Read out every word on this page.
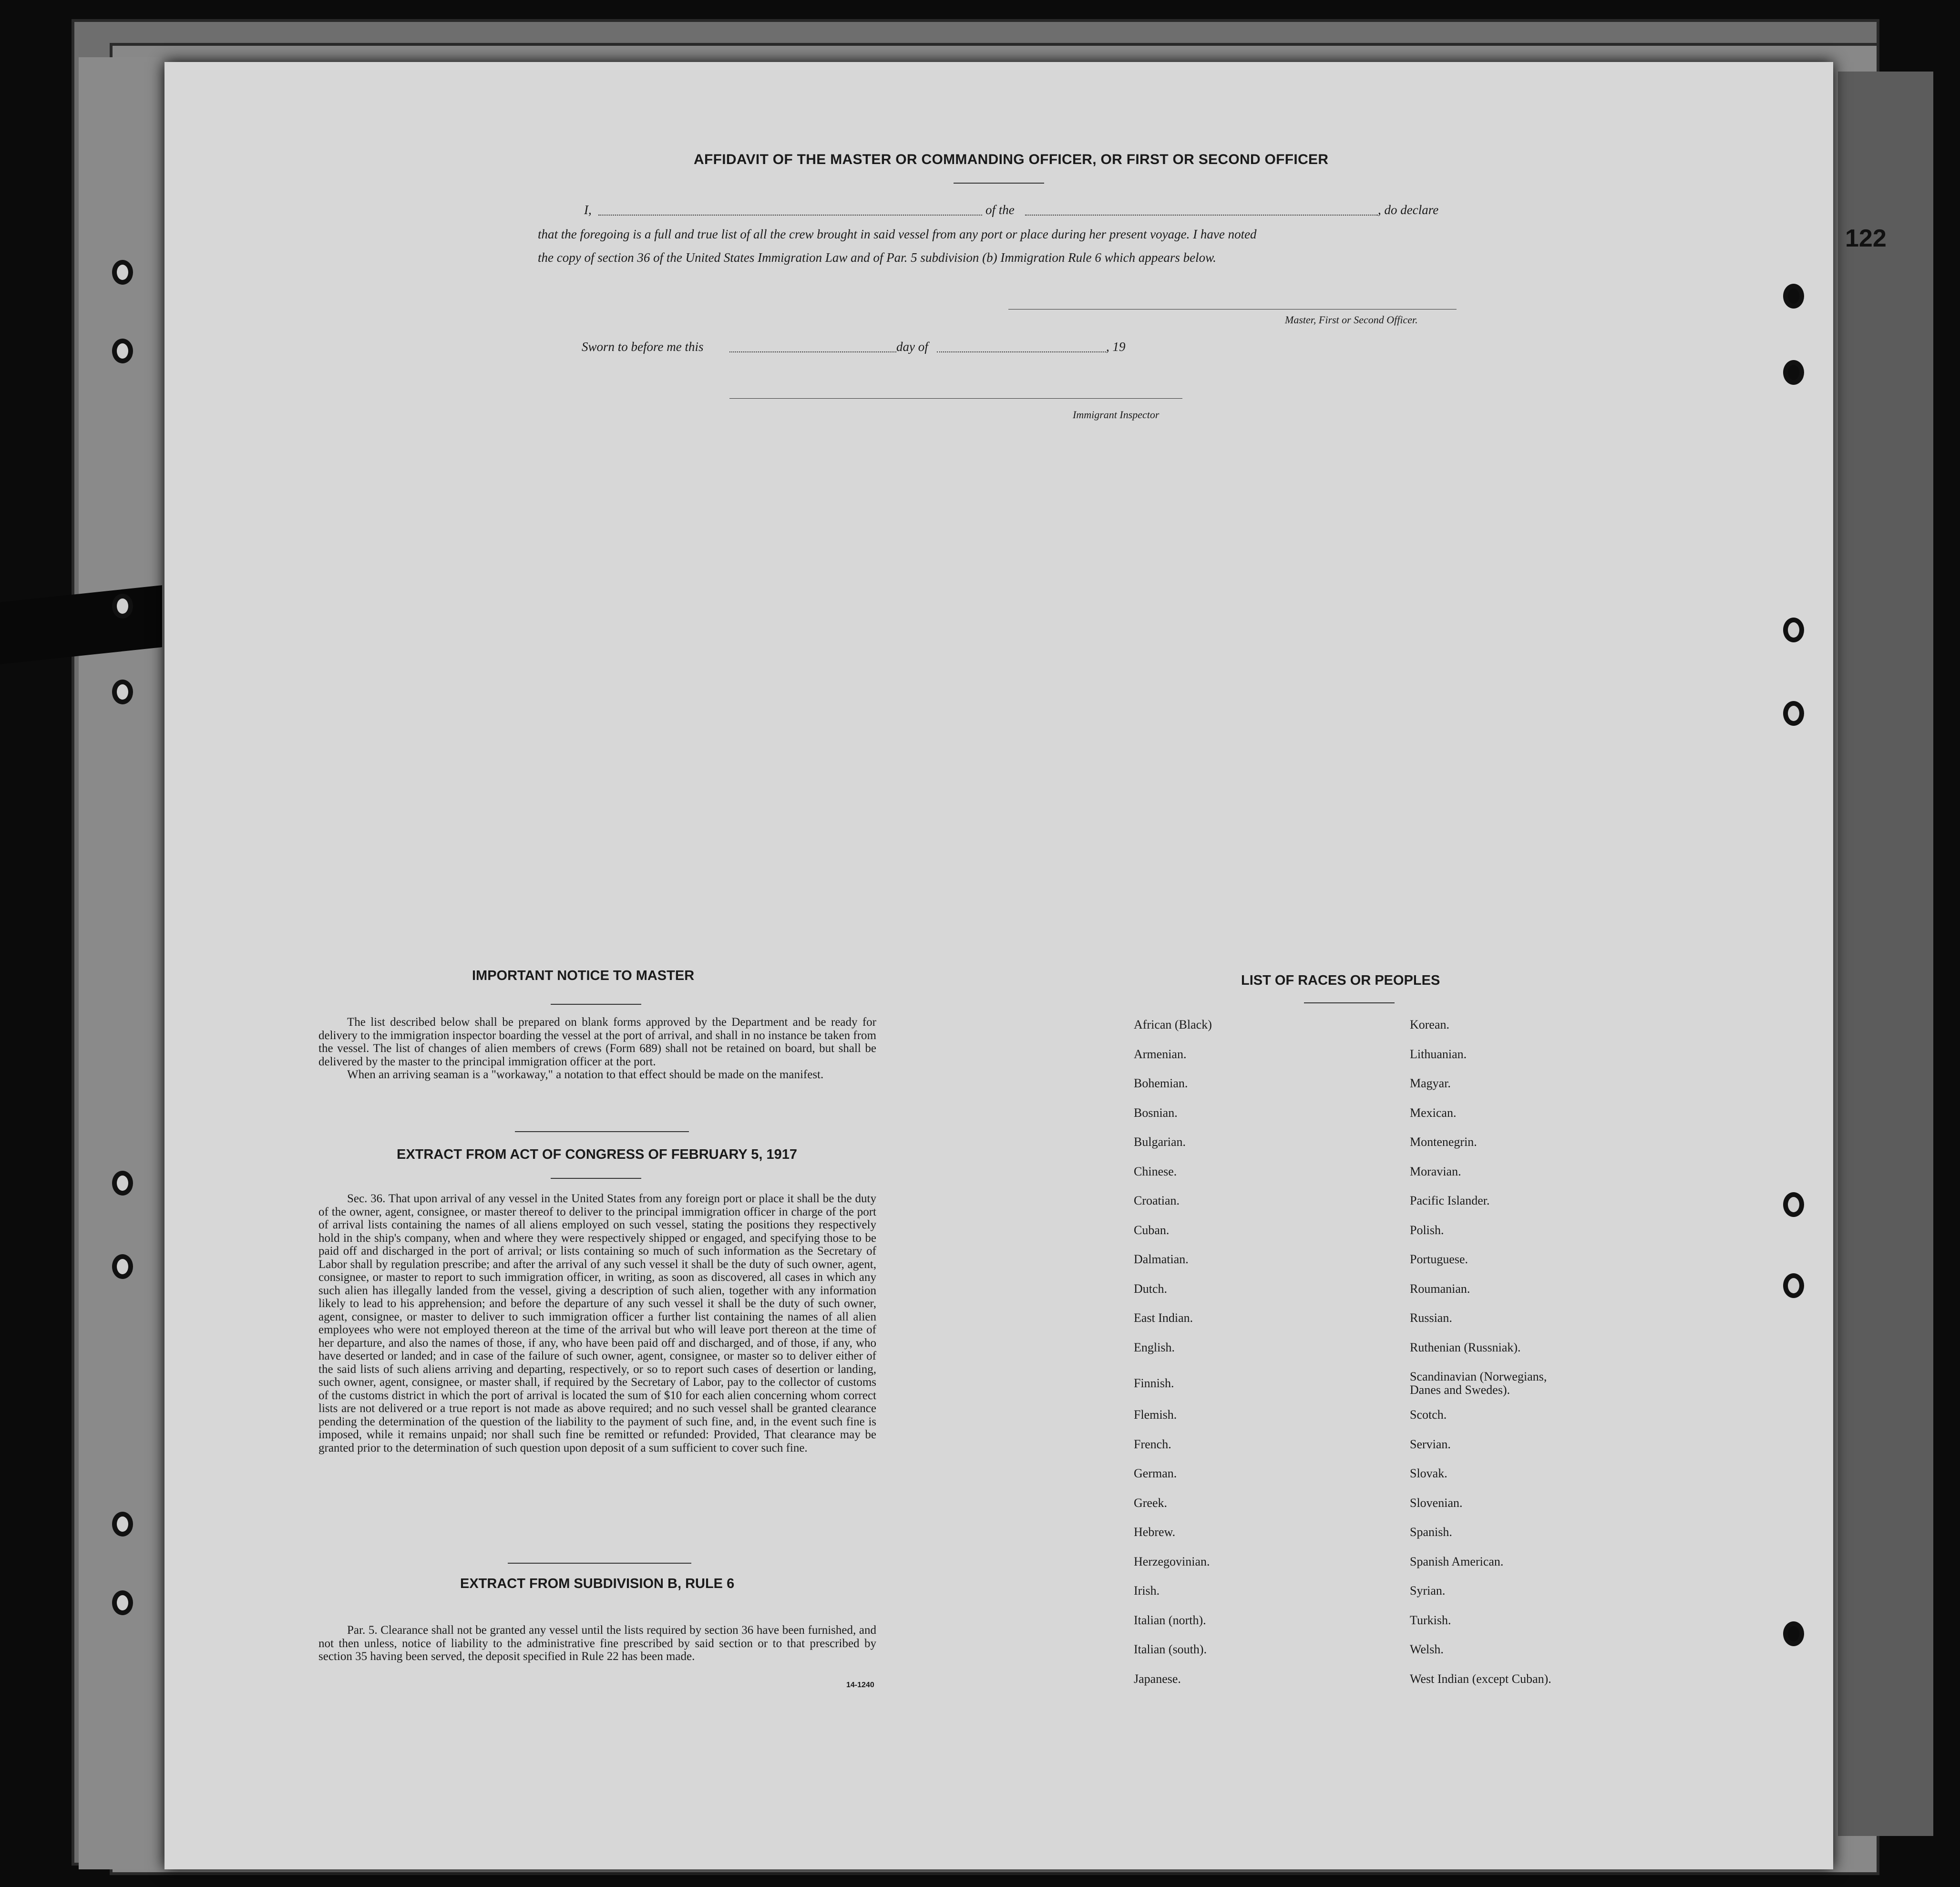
122
AFFIDAVIT OF THE MASTER OR COMMANDING OFFICER, OR FIRST OR SECOND OFFICER
I,	of the	, do declare
that the foregoing is a full and true list of all the crew brought in said vessel from any port or place during her present voyage. I have noted
the copy of section 36 of the United States Immigration Law and of Par. 5 subdivision (b) Immigration Rule 6 which appears below.
Master, First or Second Officer.
Sworn to before me this	day of	, 19
Immigrant Inspector
IMPORTANT NOTICE TO MASTER

The list described below shall be prepared on blank forms approved by the Department and be ready for delivery to the immigration inspector boarding the vessel at the port of arrival, and shall in no instance be taken from the vessel. The list of changes of alien members of crews (Form 689) shall not be retained on board, but shall be delivered by the master to the principal immigration officer at the port.

When an arriving seaman is a "workaway," a notation to that effect should be made on the manifest.

EXTRACT FROM ACT OF CONGRESS OF FEBRUARY 5, 1917

Sec. 36. That upon arrival of any vessel in the United States from any foreign port or place it shall be the duty of the owner, agent, consignee, or master thereof to deliver to the principal immigration officer in charge of the port of arrival lists containing the names of all aliens employed on such vessel, stating the positions they respectively hold in the ship's company, when and where they were respectively shipped or engaged, and specifying those to be paid off and discharged in the port of arrival; or lists containing so much of such information as the Secretary of Labor shall by regulation prescribe; and after the arrival of any such vessel it shall be the duty of such owner, agent, consignee, or master to report to such immigration officer, in writing, as soon as discovered, all cases in which any such alien has illegally landed from the vessel, giving a description of such alien, together with any information likely to lead to his apprehension; and before the departure of any such vessel it shall be the duty of such owner, agent, consignee, or master to deliver to such immigration officer a further list containing the names of all alien employees who were not employed thereon at the time of the arrival but who will leave port thereon at the time of her departure, and also the names of those, if any, who have been paid off and discharged, and of those, if any, who have deserted or landed; and in case of the failure of such owner, agent, consignee, or master so to deliver either of the said lists of such aliens arriving and departing, respectively, or so to report such cases of desertion or landing, such owner, agent, consignee, or master shall, if required by the Secretary of Labor, pay to the collector of customs of the customs district in which the port of arrival is located the sum of $10 for each alien concerning whom correct lists are not delivered or a true report is not made as above required; and no such vessel shall be granted clearance pending the determination of the question of the liability to the payment of such fine, and, in the event such fine is imposed, while it remains unpaid; nor shall such fine be remitted or refunded: Provided, That clearance may be granted prior to the determination of such question upon deposit of a sum sufficient to cover such fine.

EXTRACT FROM SUBDIVISION B, RULE 6

Par. 5. Clearance shall not be granted any vessel until the lists required by section 36 have been furnished, and not then unless, notice of liability to the administrative fine prescribed by said section or to that prescribed by section 35 having been served, the deposit specified in Rule 22 has been made.

14-1240
LIST OF RACES OR PEOPLES
African (Black)	Korean.
Armenian.	Lithuanian.
Bohemian.	Magyar.
Bosnian.	Mexican.
Bulgarian.	Montenegrin.
Chinese.	Moravian.
Croatian.	Pacific Islander.
Cuban.	Polish.
Dalmatian.	Portuguese.
Dutch.	Roumanian.
East Indian.	Russian.
English.	Ruthenian (Russniak).
Finnish.	Scandinavian (Norwegians,
Danes and Swedes).
Flemish.	Scotch.
French.	Servian.
German.	Slovak.
Greek.	Slovenian.
Hebrew.	Spanish.
Herzegovinian.	Spanish American.
Irish.	Syrian.
Italian (north).	Turkish.
Italian (south).	Welsh.
Japanese.	West Indian (except Cuban).
